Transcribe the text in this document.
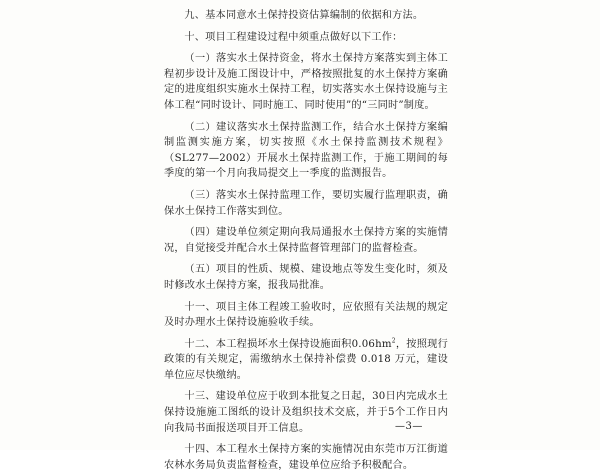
九、基本同意水土保持投资估算编制的依据和方法。

十、项目工程建设过程中须重点做好以下工作：

（一）落实水土保持资金，将水土保持方案落实到主体工程初步设计及施工图设计中，严格按照批复的水土保持方案确定的进度组织实施水土保持工程，切实落实水土保持设施与主体工程“同时设计、同时施工、同时使用”的“三同时”制度。

（二）建议落实水土保持监测工作，结合水土保持方案编制监测实施方案，切实按照《水土保持监测技术规程》（SL277—2002）开展水土保持监测工作，于施工期间的每季度的第一个月向我局提交上一季度的监测报告。

（三）落实水土保持监理工作，要切实履行监理职责，确保水土保持工作落实到位。

（四）建设单位须定期向我局通报水土保持方案的实施情况，自觉接受并配合水土保持监督管理部门的监督检查。

（五）项目的性质、规模、建设地点等发生变化时，须及时修改水土保持方案，报我局批准。

十一、项目主体工程竣工验收时，应依照有关法规的规定及时办理水土保持设施验收手续。

十二、本工程损坏水土保持设施面积$0.06hm^2$，按照现行政策的有关规定，需缴纳水土保持补偿费 0.018 万元，建设单位应尽快缴纳。

十三、建设单位应于收到本批复之日起，30日内完成水土保持设施施工图纸的设计及组织技术交底，并于5个工作日内向我局书面报送项目开工信息。

十四、本工程水土保持方案的实施情况由东莞市万江街道农林水务局负责监督检查，建设单位应给予积极配合。

—3—
